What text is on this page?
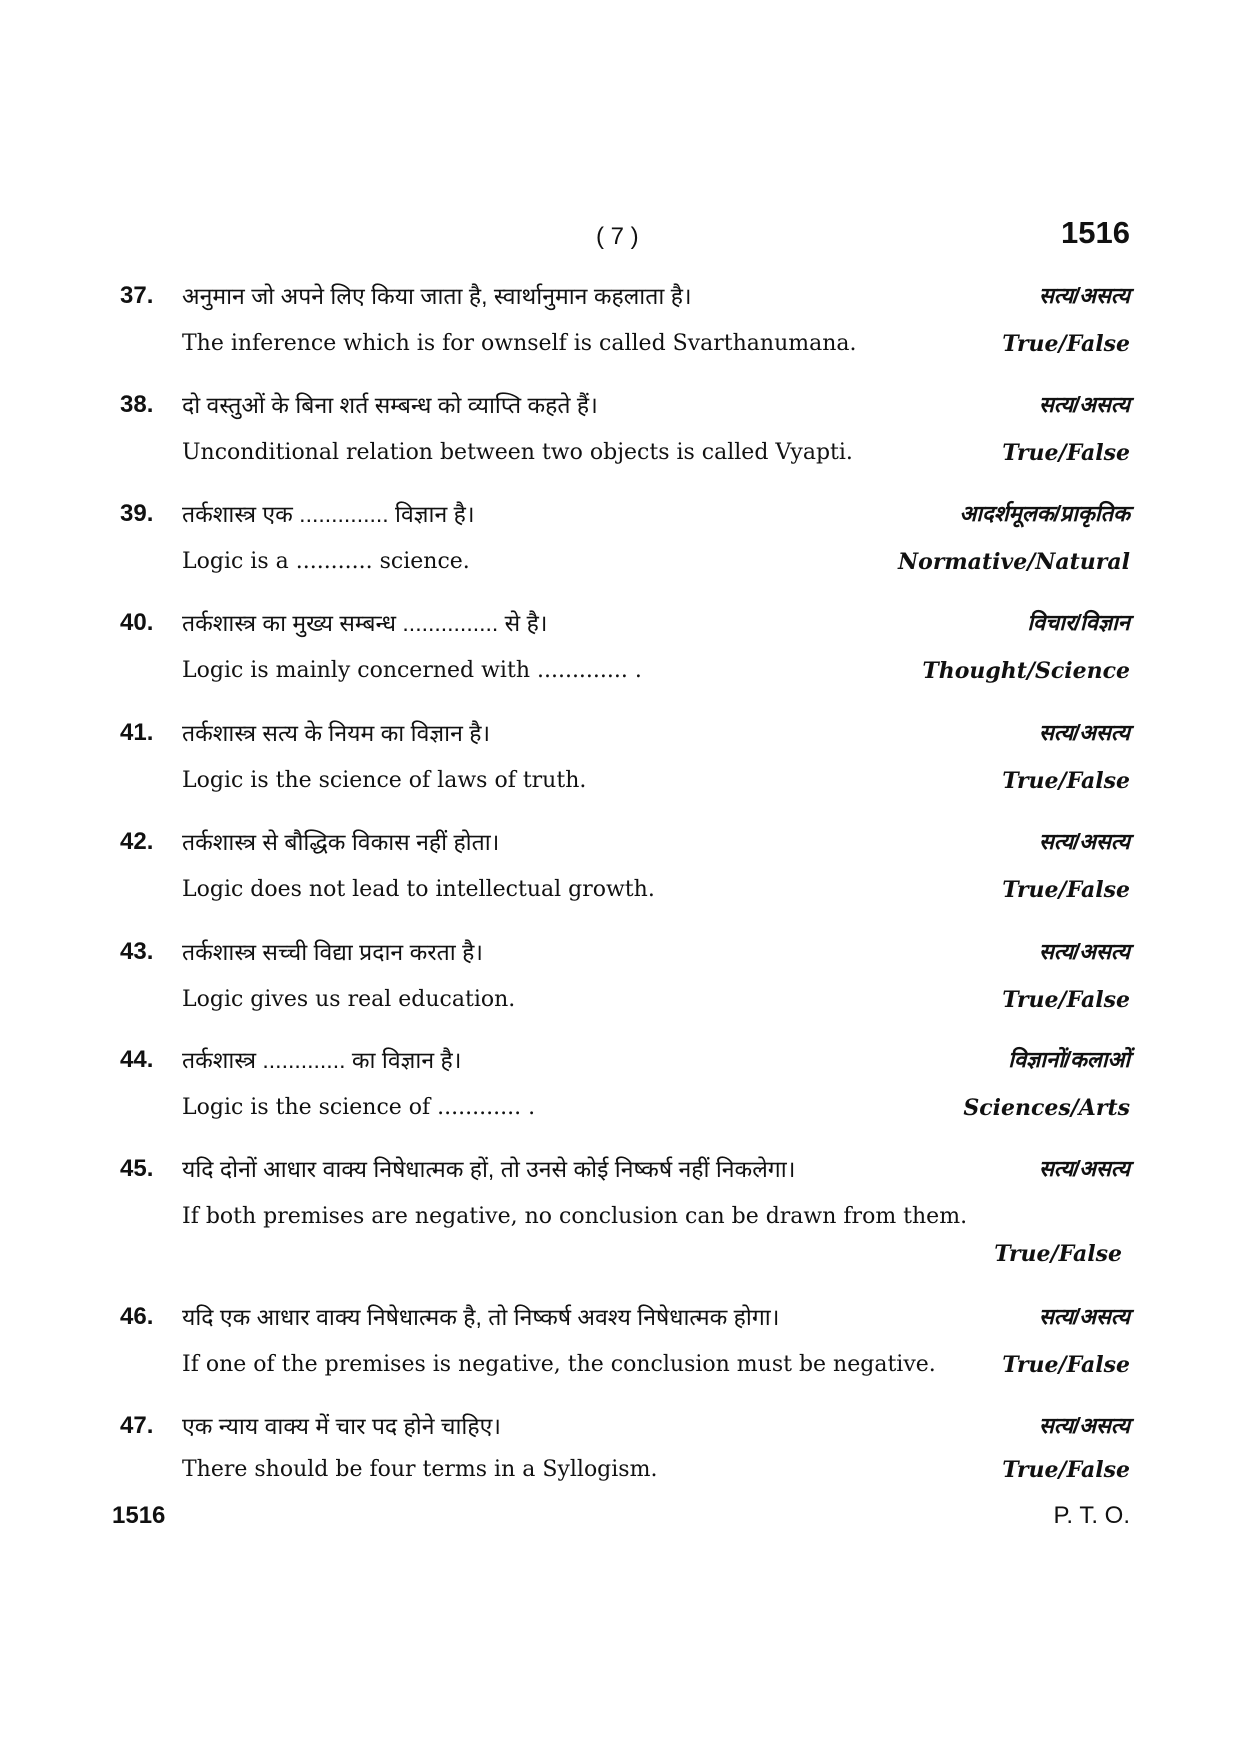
( 7 )	1516
37. अनुमान जो अपने लिए किया जाता है, स्वार्थानुमान कहलाता है।	सत्य/असत्य
The inference which is for ownself is called Svarthanumana.	True/False
38. दो वस्तुओं के बिना शर्त सम्बन्ध को व्याप्ति कहते हैं।	सत्य/असत्य
Unconditional relation between two objects is called Vyapti.	True/False
39. तर्कशास्त्र एक .............. विज्ञान है।	आदर्शमूलक/प्राकृतिक
Logic is a ........... science.	Normative/Natural
40. तर्कशास्त्र का मुख्य सम्बन्ध ............... से है।	विचार/विज्ञान
Logic is mainly concerned with ............. .	Thought/Science
41. तर्कशास्त्र सत्य के नियम का विज्ञान है।	सत्य/असत्य
Logic is the science of laws of truth.	True/False
42. तर्कशास्त्र से बौद्धिक विकास नहीं होता।	सत्य/असत्य
Logic does not lead to intellectual growth.	True/False
43. तर्कशास्त्र सच्ची विद्या प्रदान करता है।	सत्य/असत्य
Logic gives us real education.	True/False
44. तर्कशास्त्र ............. का विज्ञान है।	विज्ञानों/कलाओं
Logic is the science of ............ .	Sciences/Arts
45. यदि दोनों आधार वाक्य निषेधात्मक हों, तो उनसे कोई निष्कर्ष नहीं निकलेगा।	सत्य/असत्य
If both premises are negative, no conclusion can be drawn from them.
True/False
46. यदि एक आधार वाक्य निषेधात्मक है, तो निष्कर्ष अवश्य निषेधात्मक होगा।	सत्य/असत्य
If one of the premises is negative, the conclusion must be negative.	True/False
47. एक न्याय वाक्य में चार पद होने चाहिए।	सत्य/असत्य
There should be four terms in a Syllogism.	True/False
1516	P. T. O.
